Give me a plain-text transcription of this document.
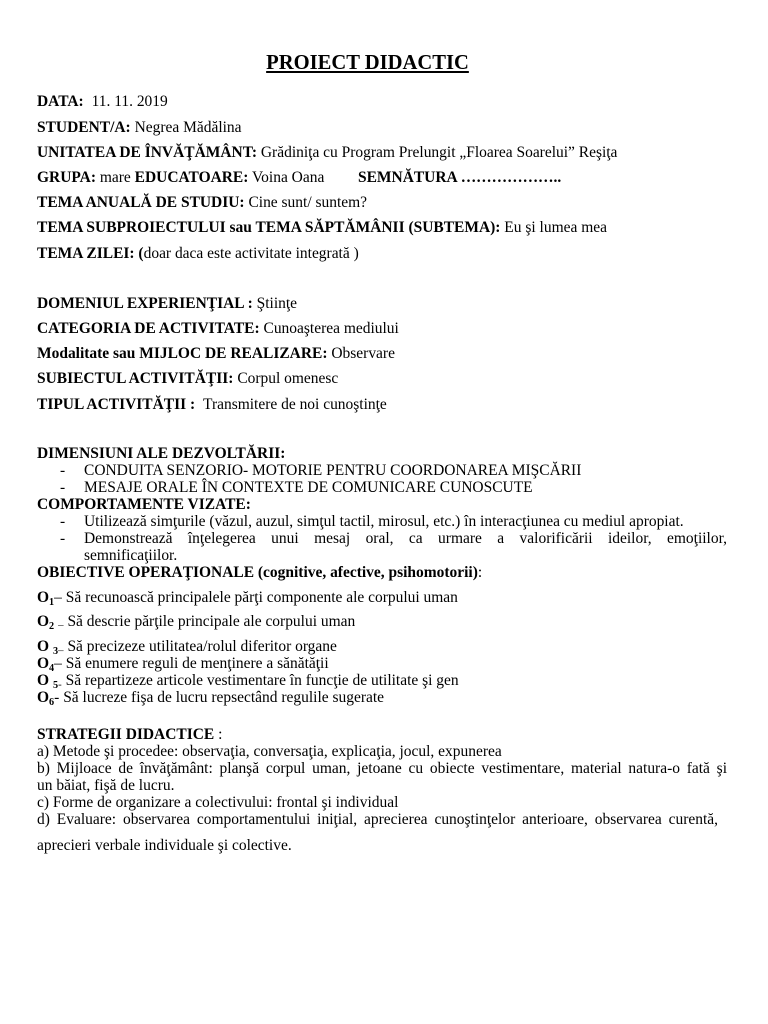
PROIECT DIDACTIC
DATA: 11. 11. 2019
STUDENT/A: Negrea Mădălina
UNITATEA DE ÎNVĂŢĂMÂNT: Grădiniţa cu Program Prelungit „Floarea Soarelui” Reşiţa
GRUPA: mare EDUCATOARE: Voina Oana SEMNĂTURA ………………..
TEMA ANUALĂ DE STUDIU: Cine sunt/ suntem?
TEMA SUBPROIECTULUI sau TEMA SĂPTĂMÂNII (SUBTEMA): Eu şi lumea mea
TEMA ZILEI: (doar daca este activitate integrată )
DOMENIUL EXPERIENŢIAL : Ştiinţe
CATEGORIA DE ACTIVITATE: Cunoaşterea mediului
Modalitate sau MIJLOC DE REALIZARE: Observare
SUBIECTUL ACTIVITĂŢII: Corpul omenesc
TIPUL ACTIVITĂŢII : Transmitere de noi cunoştinţe
DIMENSIUNI ALE DEZVOLTĂRII:
- CONDUITA SENZORIO- MOTORIE PENTRU COORDONAREA MIŞCĂRII
- MESAJE ORALE ÎN CONTEXTE DE COMUNICARE CUNOSCUTE
COMPORTAMENTE VIZATE:
- Utilizează simţurile (văzul, auzul, simţul tactil, mirosul, etc.) în interacţiunea cu mediul apropiat.
- Demonstrează înţelegerea unui mesaj oral, ca urmare a valorificării ideilor, emoţiilor,
semnificaţiilor.
OBIECTIVE OPERAŢIONALE (cognitive, afective, psihomotorii):
$O_1-$ Să recunoască principalele părţi componente ale corpului uman
$O_2$ – Să descrie părţile principale ale corpului uman
O $_3$– Să precizeze utilitatea/rolul diferitor organe
$O_4-$ Să enumere reguli de menţinere a sănătăţii
O $_5$- Să repartizeze articole vestimentare în funcţie de utilitate şi gen
$O_6-$ Să lucreze fişa de lucru repsectând regulile sugerate
STRATEGII DIDACTICE :
a) Metode şi procedee: observaţia, conversaţia, explicaţia, jocul, expunerea
b) Mijloace de învăţământ: planşă corpul uman, jetoane cu obiecte vestimentare, material natura-o fată şi
un băiat, fişă de lucru.
c) Forme de organizare a colectivului: frontal şi individual
d) Evaluare: observarea comportamentului iniţial, aprecierea cunoştinţelor anterioare, observarea curentă,
aprecieri verbale individuale şi colective.
